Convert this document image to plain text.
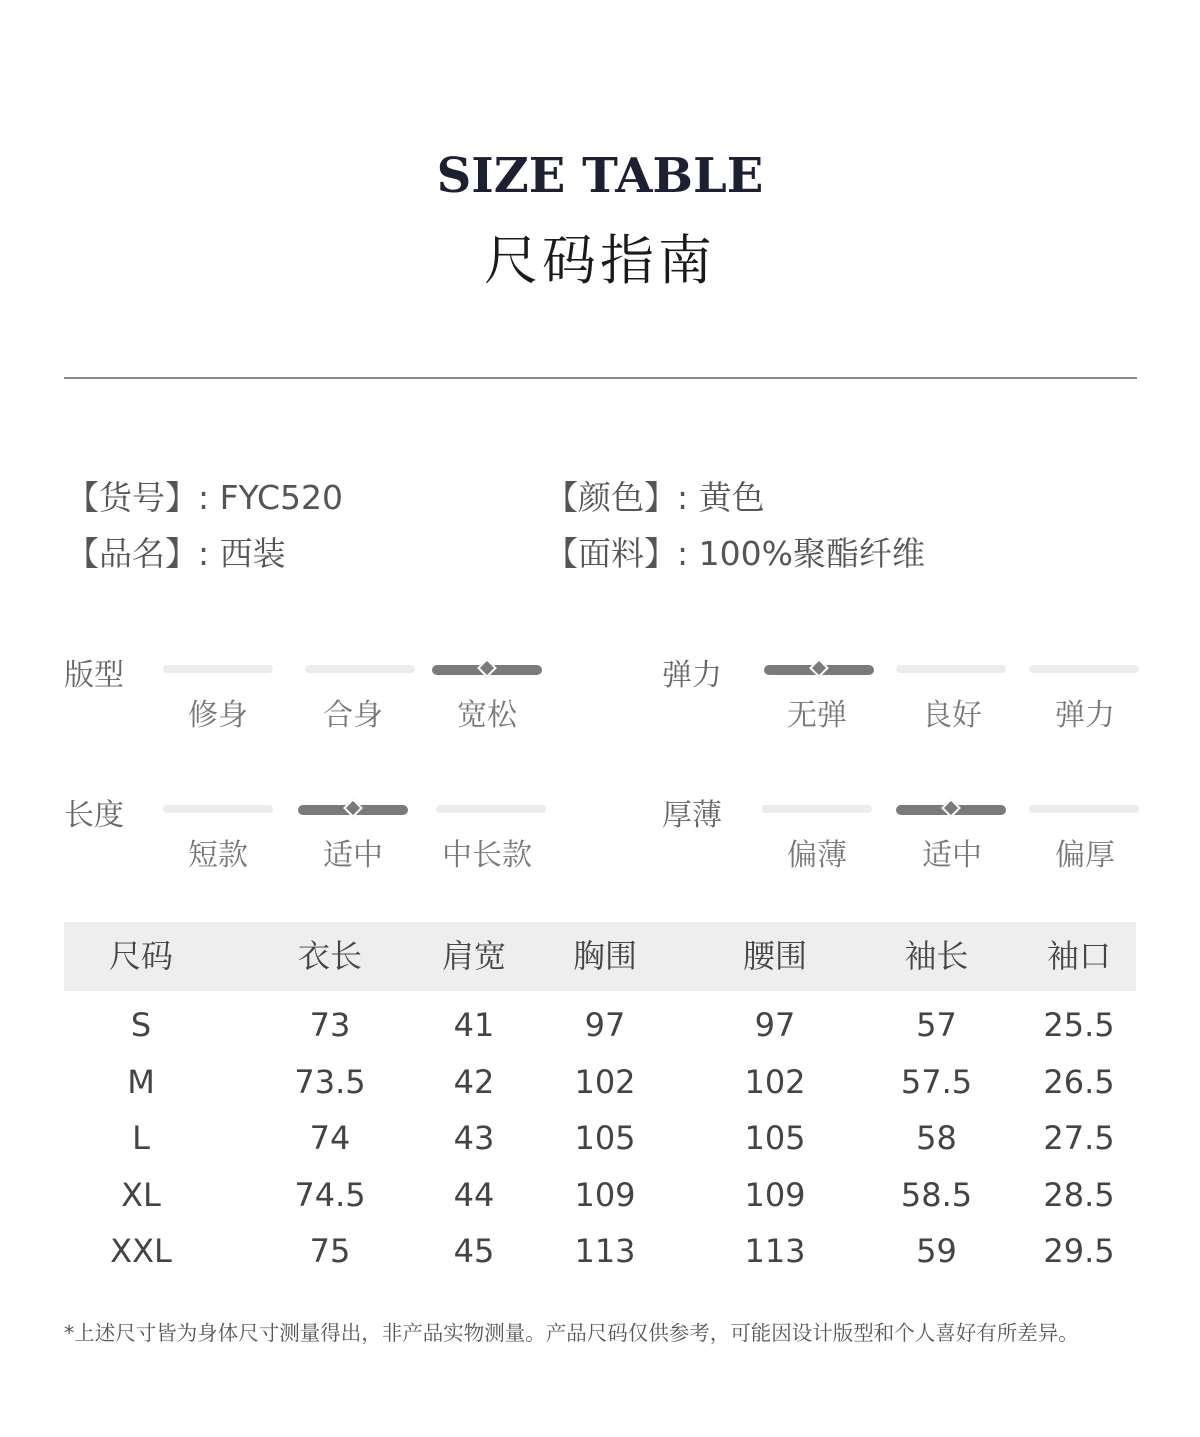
SIZE TABLE
尺码指南
【货号】: FYC520	【颜色】: 黄色
【品名】: 西装	【面料】: 100%聚酯纤维
版型
修身	合身	宽松
弹力
无弹	良好	弹力
长度
短款	适中	中长款
厚薄
偏薄	适中	偏厚
尺码	衣长	肩宽	胸围	腰围	袖长	袖口
S	73	41	97	97	57	25.5
M	73.5	42	102	102	57.5	26.5
L	74	43	105	105	58	27.5
XL	74.5	44	109	109	58.5	28.5
XXL	75	45	113	113	59	29.5
*上述尺寸皆为身体尺寸测量得出，非产品实物测量。产品尺码仅供参考，可能因设计版型和个人喜好有所差异。
